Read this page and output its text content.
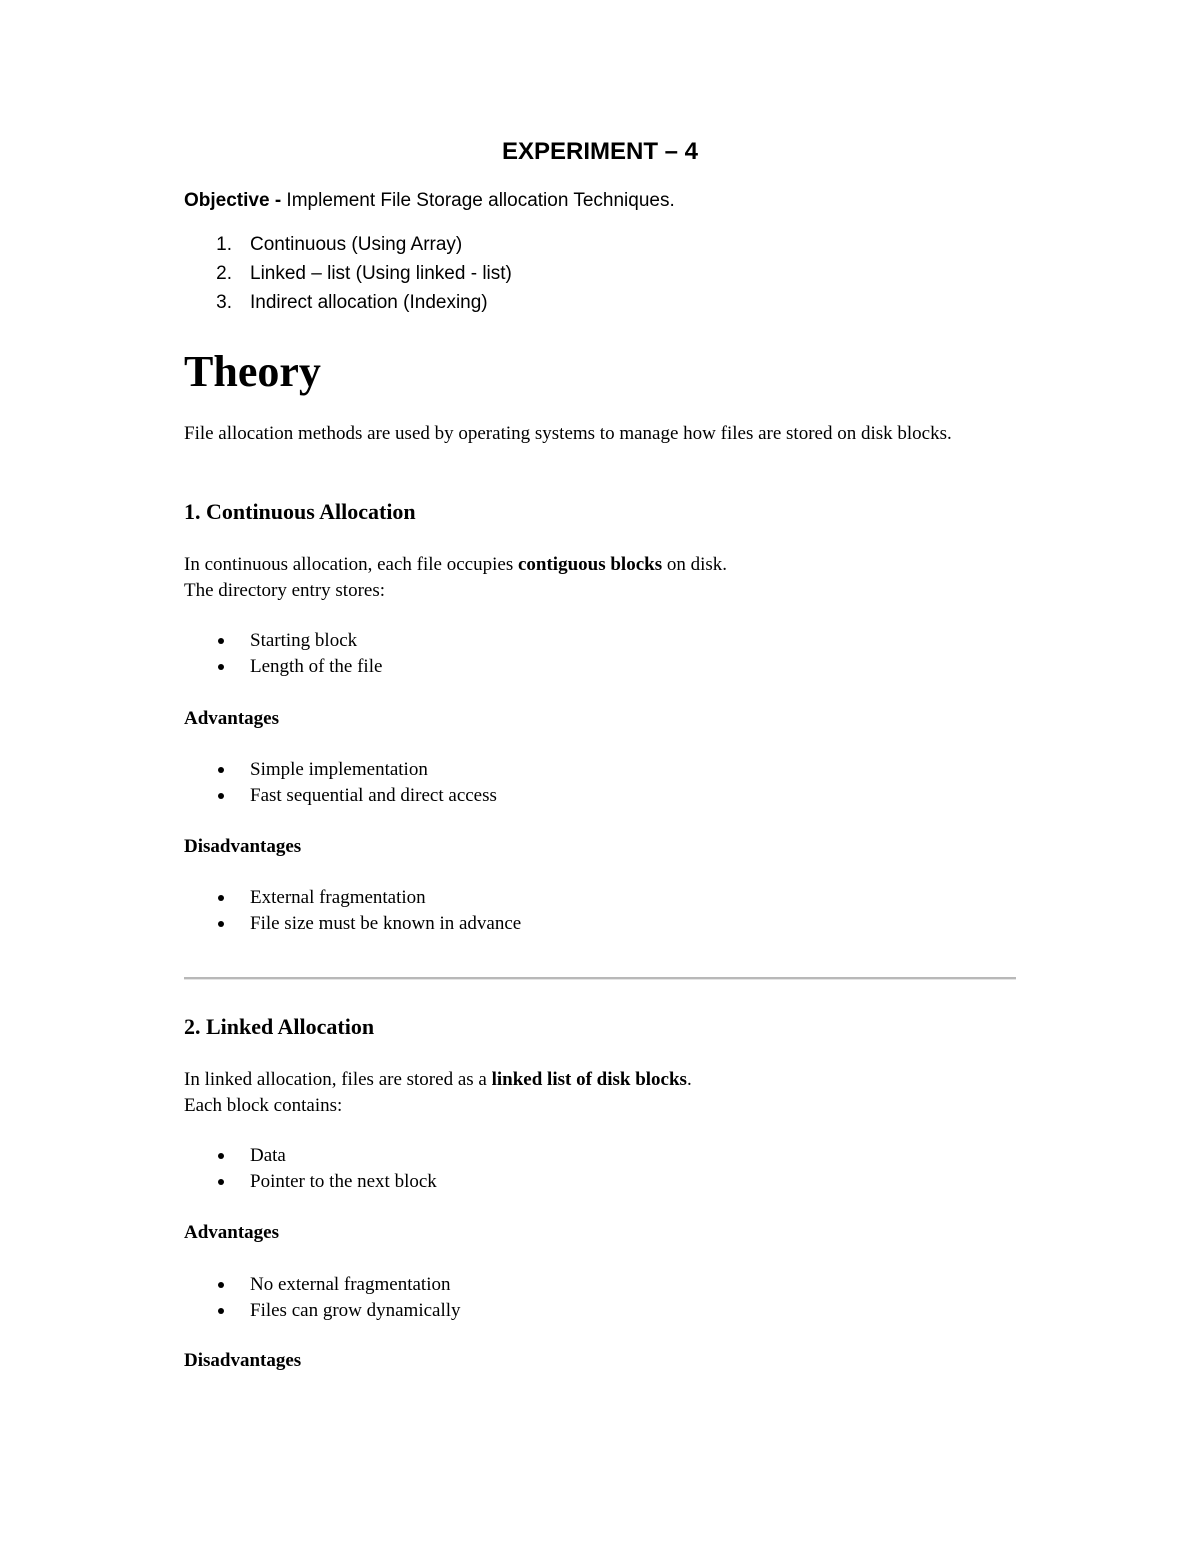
EXPERIMENT – 4
Objective - Implement File Storage allocation Techniques.
1. Continuous (Using Array)
2. Linked – list (Using linked - list)
3. Indirect allocation (Indexing)
Theory
File allocation methods are used by operating systems to manage how files are stored on disk blocks.
1. Continuous Allocation
In continuous allocation, each file occupies contiguous blocks on disk.
The directory entry stores:
Starting block
Length of the file
Advantages
Simple implementation
Fast sequential and direct access
Disadvantages
External fragmentation
File size must be known in advance
2. Linked Allocation
In linked allocation, files are stored as a linked list of disk blocks.
Each block contains:
Data
Pointer to the next block
Advantages
No external fragmentation
Files can grow dynamically
Disadvantages
